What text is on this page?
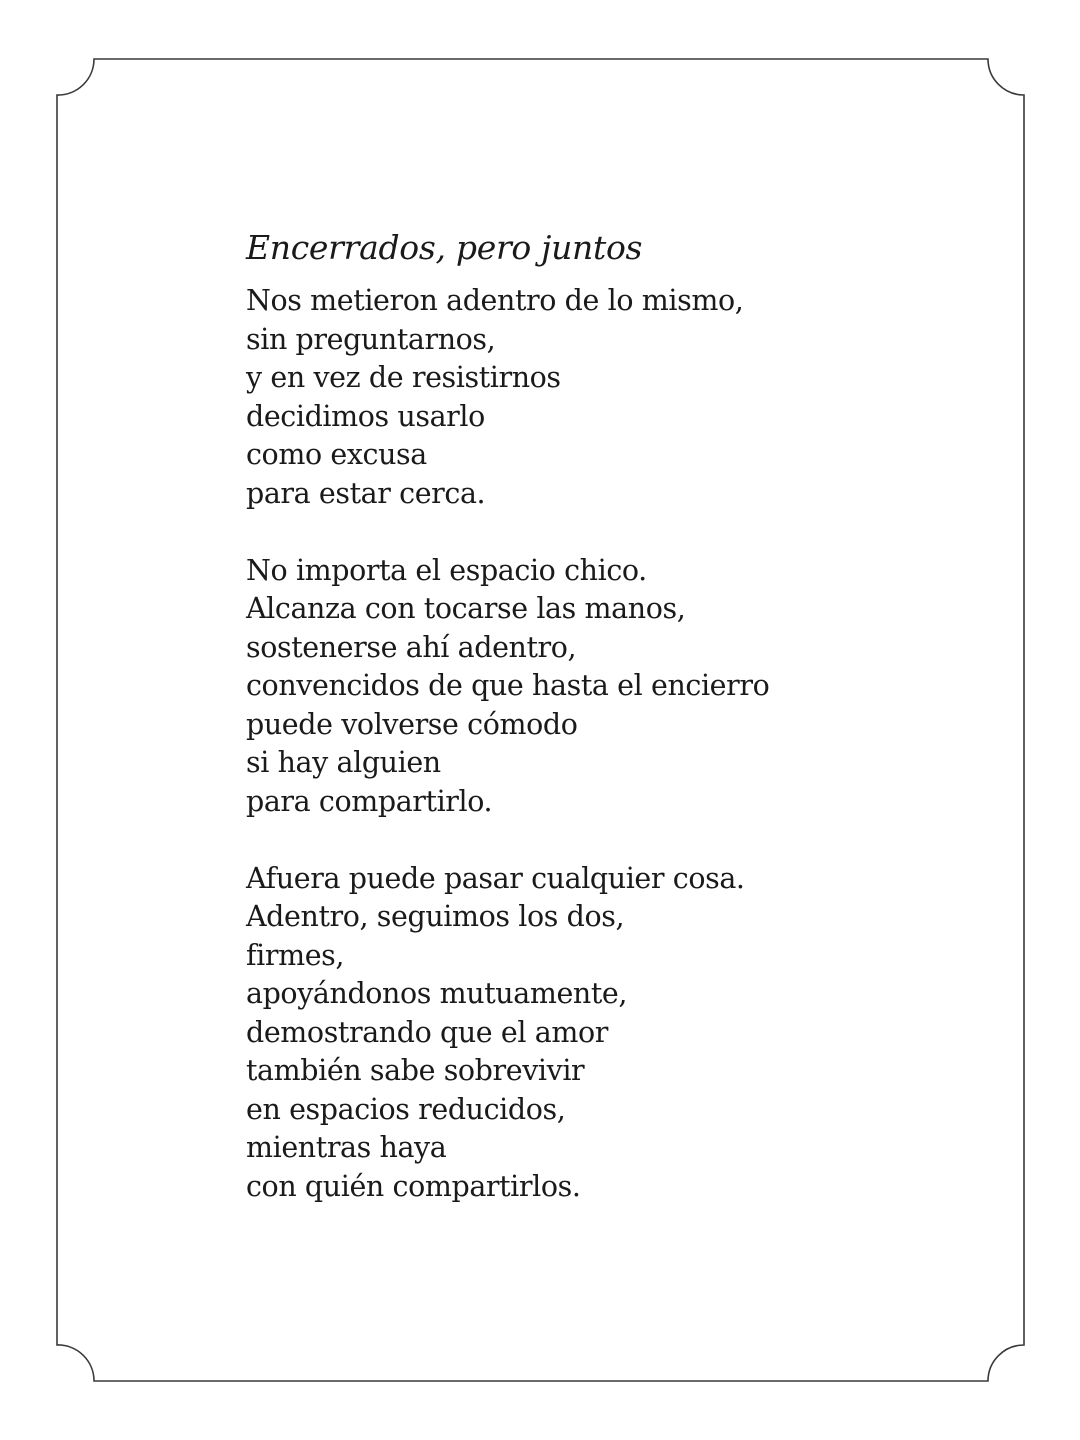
Encerrados, pero juntos
Nos metieron adentro de lo mismo,
sin preguntarnos,
y en vez de resistirnos
decidimos usarlo
como excusa
para estar cerca.
No importa el espacio chico.
Alcanza con tocarse las manos,
sostenerse ahí adentro,
convencidos de que hasta el encierro
puede volverse cómodo
si hay alguien
para compartirlo.
Afuera puede pasar cualquier cosa.
Adentro, seguimos los dos,
firmes,
apoyándonos mutuamente,
demostrando que el amor
también sabe sobrevivir
en espacios reducidos,
mientras haya
con quién compartirlos.
